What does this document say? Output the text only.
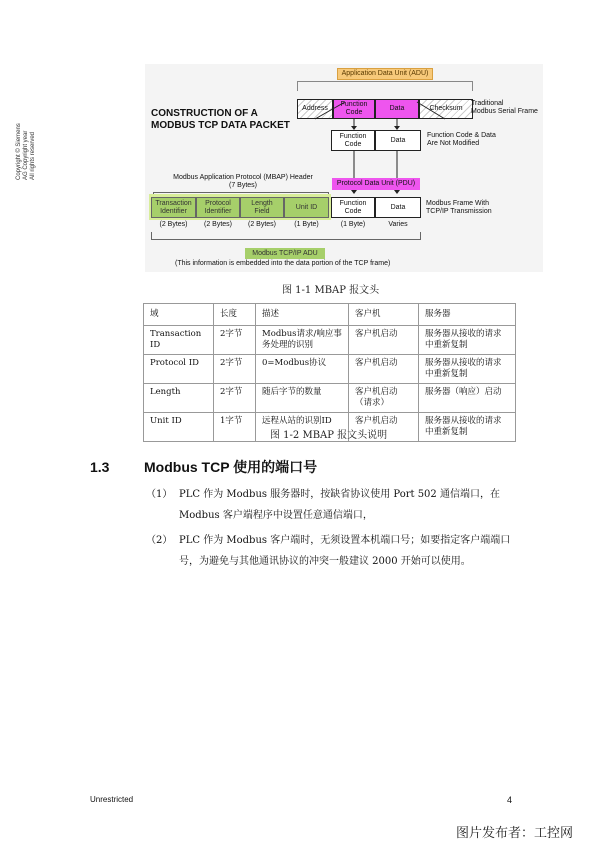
Copyright © Siemens AG Copyright year All rights reserved
Application Data Unit (ADU)
CONSTRUCTION OF A
MODBUS TCP DATA PACKET
Address
Function
Code
Data	Checksum
Traditional
Modbus Serial Frame
Function
Code
Data
Function Code & Data
Are Not Modified
Modbus Application Protocol (MBAP) Header
(7 Bytes)	Protocol Data Unit (PDU)
Transaction
Identifier
Protocol
Identifier
Length
Field
Unit ID
Function
Code
Data	Modbus Frame With
TCP/IP Transmission
(2 Bytes)	(2 Bytes)	(2 Bytes)	(1 Byte)	(1 Byte)	Varies
Modbus TCP/IP ADU
(This information is embedded into the data portion of the TCP frame)
图 1-1 MBAP 报文头
域	长度	描述	客户机	服务器
Transaction ID	2字节	Modbus请求/响应事务处理的识别	客户机启动	服务器从接收的请求中重新复制
Protocol ID	2字节	0=Modbus协议	客户机启动	服务器从接收的请求中重新复制
Length	2字节	随后字节的数量	客户机启动（请求）	服务器（响应）启动
Unit ID	1字节	远程从站的识别ID	客户机启动	服务器从接收的请求中重新复制
图 1-2 MBAP 报文头说明
1.3 Modbus TCP 使用的端口号
（1） PLC 作为 Modbus 服务器时，按缺省协议使用 Port 502 通信端口，在 Modbus 客户端程序中设置任意通信端口，
（2） PLC 作为 Modbus 客户端时，无须设置本机端口号；如要指定客户端端口号，为避免与其他通讯协议的冲突一般建议 2000 开始可以使用。
Unrestricted	4
图片发布者：工控网
